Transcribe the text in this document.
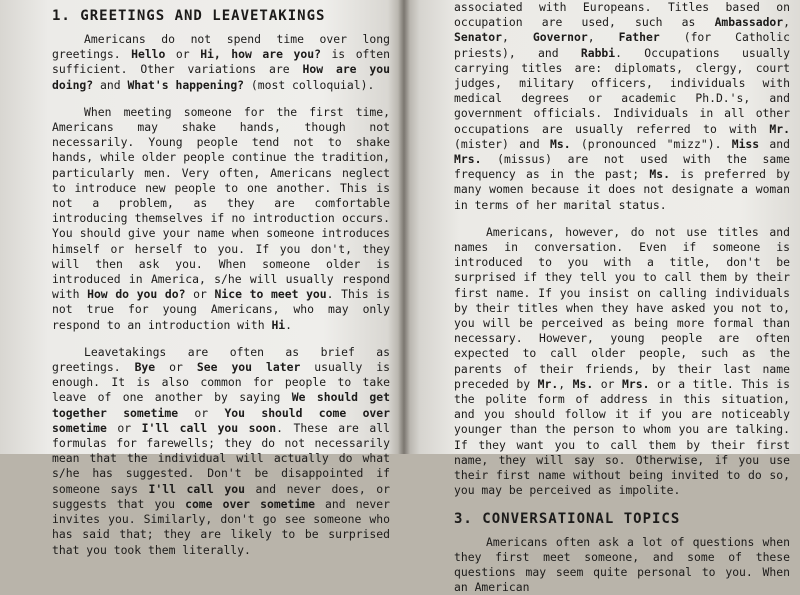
1. GREETINGS AND LEAVETAKINGS

Americans do not spend time over long greetings. Hello or Hi, how are you? is often sufficient. Other variations are How are you doing? and What's happening? (most colloquial).

When meeting someone for the first time, Americans may shake hands, though not necessarily. Young people tend not to shake hands, while older people continue the tradition, particularly men. Very often, Americans neglect to introduce new people to one another. This is not a problem, as they are comfortable introducing themselves if no introduction occurs. You should give your name when someone introduces himself or herself to you. If you don't, they will then ask you. When someone older is introduced in America, s/he will usually respond with How do you do? or Nice to meet you. This is not true for young Americans, who may only respond to an introduction with Hi.

Leavetakings are often as brief as greetings. Bye or See you later usually is enough. It is also common for people to take leave of one another by saying We should get together sometime or You should come over sometime or I'll call you soon. These are all formulas for farewells; they do not necessarily mean that the individual will actually do what s/he has suggested. Don't be disappointed if someone says I'll call you and never does, or suggests that you come over sometime and never invites you. Similarly, don't go see someone who has said that; they are likely to be surprised that you took them literally.

associated with Europeans. Titles based on occupation are used, such as Ambassador, Senator, Governor, Father (for Catholic priests), and Rabbi. Occupations usually carrying titles are: diplomats, clergy, court judges, military officers, individuals with medical degrees or academic Ph.D.'s, and government officials. Individuals in all other occupations are usually referred to with Mr. (mister) and Ms. (pronounced "mizz"). Miss and Mrs. (missus) are not used with the same frequency as in the past; Ms. is preferred by many women because it does not designate a woman in terms of her marital status.

Americans, however, do not use titles and names in conversation. Even if someone is introduced to you with a title, don't be surprised if they tell you to call them by their first name. If you insist on calling individuals by their titles when they have asked you not to, you will be perceived as being more formal than necessary. However, young people are often expected to call older people, such as the parents of their friends, by their last name preceded by Mr., Ms. or Mrs. or a title. This is the polite form of address in this situation, and you should follow it if you are noticeably younger than the person to whom you are talking. If they want you to call them by their first name, they will say so. Otherwise, if you use their first name without being invited to do so, you may be perceived as impolite.

3. CONVERSATIONAL TOPICS

Americans often ask a lot of questions when they first meet someone, and some of these questions may seem quite personal to you. When an American
